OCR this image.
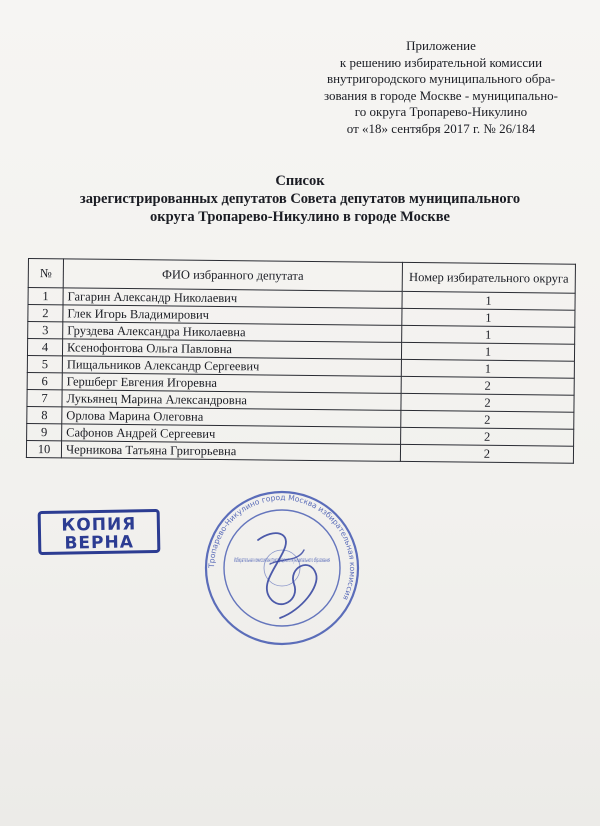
Приложение
к решению избирательной комиссии
внутригородского муниципального обра-
зования в городе Москве - муниципально-
го округа Тропарево-Никулино
от «18» сентября 2017 г. № 26/184
Список
зарегистрированных депутатов Совета депутатов муниципального
округа Тропарево-Никулино в городе Москве
№	ФИО избранного депутата	Номер избирательного округа
1	Гагарин Александр Николаевич	1
2	Глек Игорь Владимирович	1
3	Груздева Александра Николаевна	1
4	Ксенофонтова Ольга Павловна	1
5	Пищальников Александр Сергеевич	1
6	Гершберг Евгения Игоревна	2
7	Лукьянец Марина Александровна	2
8	Орлова Марина Олеговна	2
9	Сафонов Андрей Сергеевич	2
10	Черникова Татьяна Григорьевна	2
КОПИЯ
ВЕРНА
Тропарево-Никулино город Москва избирательная комиссия
Избирательная комиссия внутригородского муниципального образования
